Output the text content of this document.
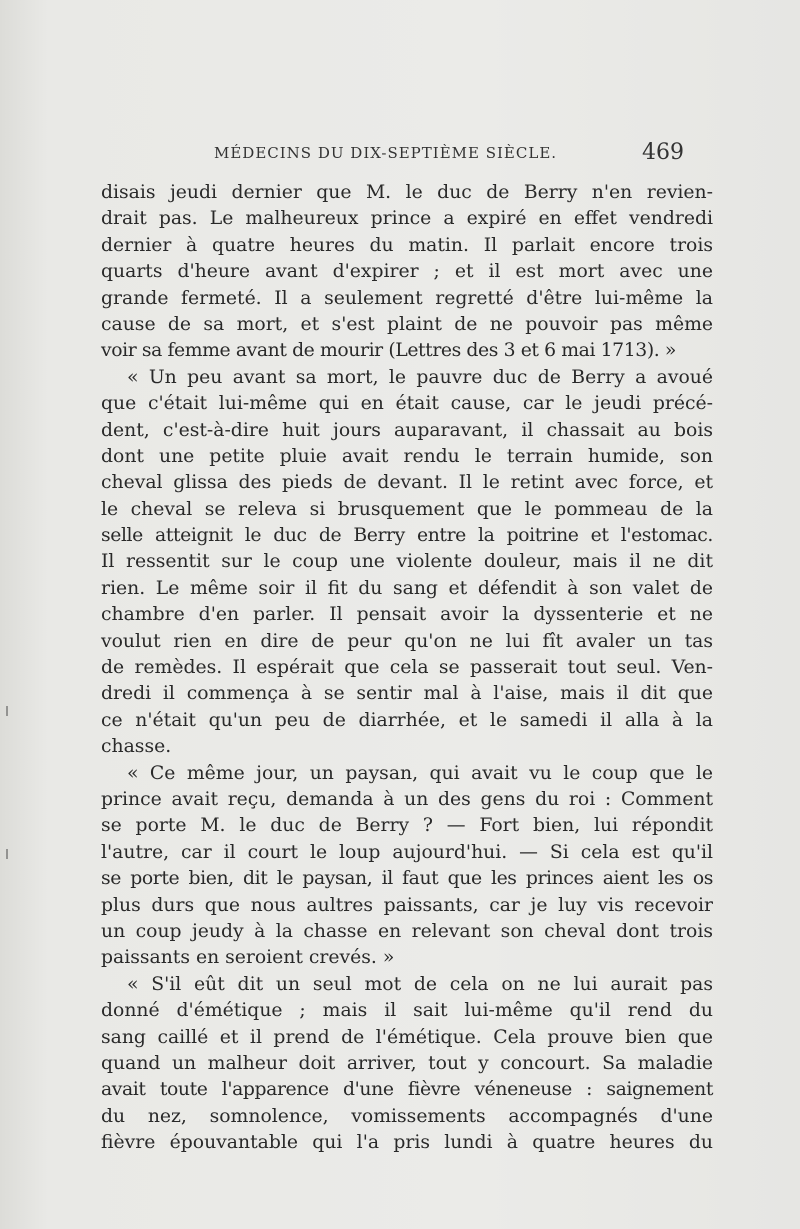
MÉDECINS DU DIX-SEPTIÈME SIÈCLE.	469
disais jeudi dernier que M. le duc de Berry n'en revien-
drait pas. Le malheureux prince a expiré en effet vendredi
dernier à quatre heures du matin. Il parlait encore trois
quarts d'heure avant d'expirer ; et il est mort avec une
grande fermeté. Il a seulement regretté d'être lui-même la
cause de sa mort, et s'est plaint de ne pouvoir pas même
voir sa femme avant de mourir (Lettres des 3 et 6 mai 1713). »
« Un peu avant sa mort, le pauvre duc de Berry a avoué
que c'était lui-même qui en était cause, car le jeudi précé-
dent, c'est-à-dire huit jours auparavant, il chassait au bois
dont une petite pluie avait rendu le terrain humide, son
cheval glissa des pieds de devant. Il le retint avec force, et
le cheval se releva si brusquement que le pommeau de la
selle atteignit le duc de Berry entre la poitrine et l'estomac.
Il ressentit sur le coup une violente douleur, mais il ne dit
rien. Le même soir il fit du sang et défendit à son valet de
chambre d'en parler. Il pensait avoir la dyssenterie et ne
voulut rien en dire de peur qu'on ne lui fît avaler un tas
de remèdes. Il espérait que cela se passerait tout seul. Ven-
dredi il commença à se sentir mal à l'aise, mais il dit que
ce n'était qu'un peu de diarrhée, et le samedi il alla à la
chasse.
« Ce même jour, un paysan, qui avait vu le coup que le
prince avait reçu, demanda à un des gens du roi : Comment
se porte M. le duc de Berry ? — Fort bien, lui répondit
l'autre, car il court le loup aujourd'hui. — Si cela est qu'il
se porte bien, dit le paysan, il faut que les princes aient les os
plus durs que nous aultres paissants, car je luy vis recevoir
un coup jeudy à la chasse en relevant son cheval dont trois
paissants en seroient crevés. »
« S'il eût dit un seul mot de cela on ne lui aurait pas
donné d'émétique ; mais il sait lui-même qu'il rend du
sang caillé et il prend de l'émétique. Cela prouve bien que
quand un malheur doit arriver, tout y concourt. Sa maladie
avait toute l'apparence d'une fièvre véneneuse : saignement
du nez, somnolence, vomissements accompagnés d'une
fièvre épouvantable qui l'a pris lundi à quatre heures du
